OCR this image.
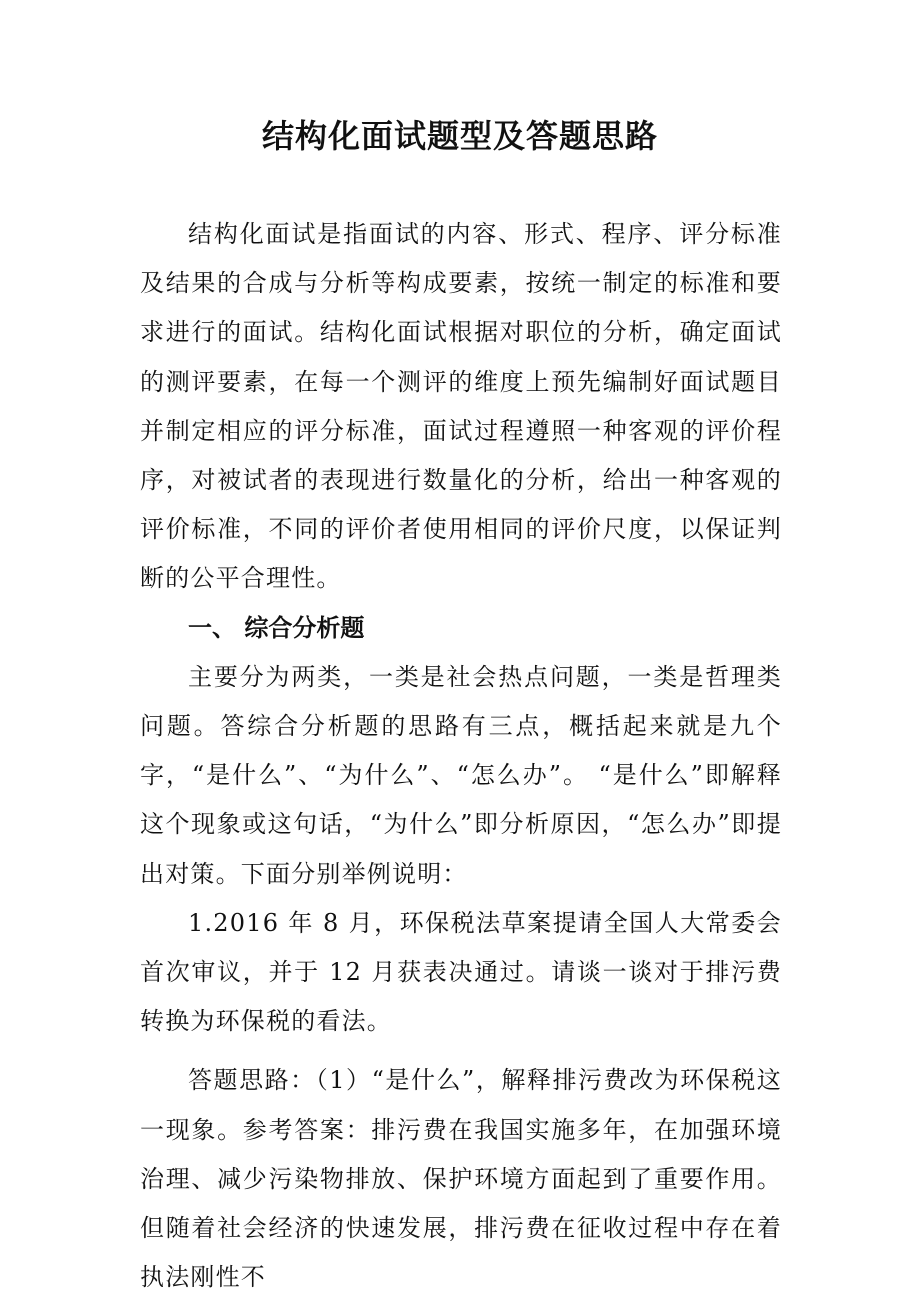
结构化面试题型及答题思路

结构化面试是指面试的内容、形式、程序、评分标准及结果的合成与分析等构成要素，按统一制定的标准和要求进行的面试。结构化面试根据对职位的分析，确定面试的测评要素，在每一个测评的维度上预先编制好面试题目并制定相应的评分标准，面试过程遵照一种客观的评价程序，对被试者的表现进行数量化的分析，给出一种客观的评价标准，不同的评价者使用相同的评价尺度，以保证判断的公平合理性。

一、 综合分析题

主要分为两类，一类是社会热点问题，一类是哲理类问题。答综合分析题的思路有三点，概括起来就是九个字，“是什么”、“为什么”、“怎么办”。 “是什么”即解释这个现象或这句话，“为什么”即分析原因，“怎么办”即提出对策。下面分别举例说明：

1.2016 年 8 月，环保税法草案提请全国人大常委会首次审议，并于 12 月获表决通过。请谈一谈对于排污费转换为环保税的看法。

答题思路：（1）“是什么”，解释排污费改为环保税这一现象。参考答案：排污费在我国实施多年，在加强环境治理、减少污染物排放、保护环境方面起到了重要作用。但随着社会经济的快速发展，排污费在征收过程中存在着执法刚性不
